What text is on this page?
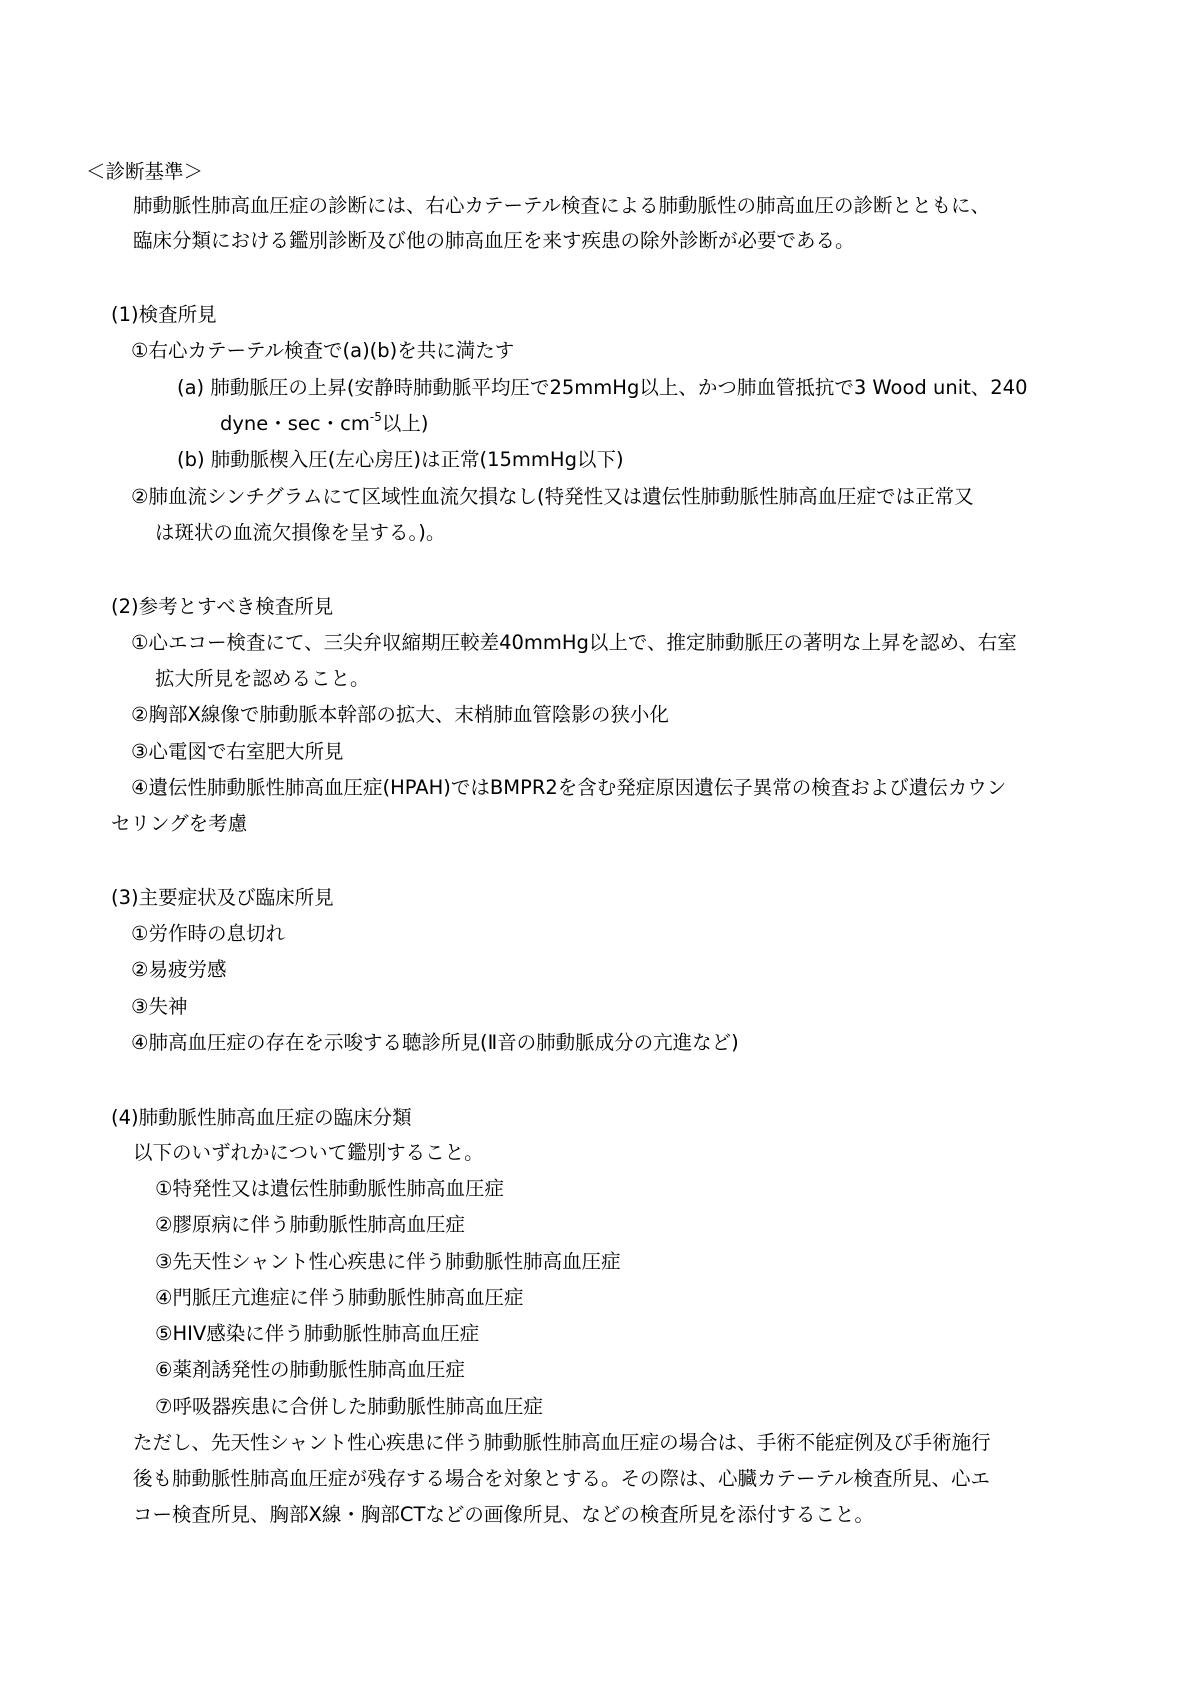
＜診断基準＞
肺動脈性肺高血圧症の診断には、右心カテーテル検査による肺動脈性の肺高血圧の診断とともに、
臨床分類における鑑別診断及び他の肺高血圧を来す疾患の除外診断が必要である。
(1)検査所見
①右心カテーテル検査で(a)(b)を共に満たす
(a) 肺動脈圧の上昇(安静時肺動脈平均圧で25mmHg以上、かつ肺血管抵抗で3 Wood unit、240
dyne・sec・$cm^{-5}$以上)
(b) 肺動脈楔入圧(左心房圧)は正常(15mmHg以下)
②肺血流シンチグラムにて区域性血流欠損なし(特発性又は遺伝性肺動脈性肺高血圧症では正常又
は斑状の血流欠損像を呈する。)。
(2)参考とすべき検査所見
①心エコー検査にて、三尖弁収縮期圧較差40mmHg以上で、推定肺動脈圧の著明な上昇を認め、右室
拡大所見を認めること。
②胸部X線像で肺動脈本幹部の拡大、末梢肺血管陰影の狭小化
③心電図で右室肥大所見
④遺伝性肺動脈性肺高血圧症(HPAH)ではBMPR2を含む発症原因遺伝子異常の検査および遺伝カウン
セリングを考慮
(3)主要症状及び臨床所見
①労作時の息切れ
②易疲労感
③失神
④肺高血圧症の存在を示唆する聴診所見(Ⅱ音の肺動脈成分の亢進など)
(4)肺動脈性肺高血圧症の臨床分類
以下のいずれかについて鑑別すること。
①特発性又は遺伝性肺動脈性肺高血圧症
②膠原病に伴う肺動脈性肺高血圧症
③先天性シャント性心疾患に伴う肺動脈性肺高血圧症
④門脈圧亢進症に伴う肺動脈性肺高血圧症
⑤HIV感染に伴う肺動脈性肺高血圧症
⑥薬剤誘発性の肺動脈性肺高血圧症
⑦呼吸器疾患に合併した肺動脈性肺高血圧症
ただし、先天性シャント性心疾患に伴う肺動脈性肺高血圧症の場合は、手術不能症例及び手術施行
後も肺動脈性肺高血圧症が残存する場合を対象とする。その際は、心臓カテーテル検査所見、心エ
コー検査所見、胸部X線・胸部CTなどの画像所見、などの検査所見を添付すること。
